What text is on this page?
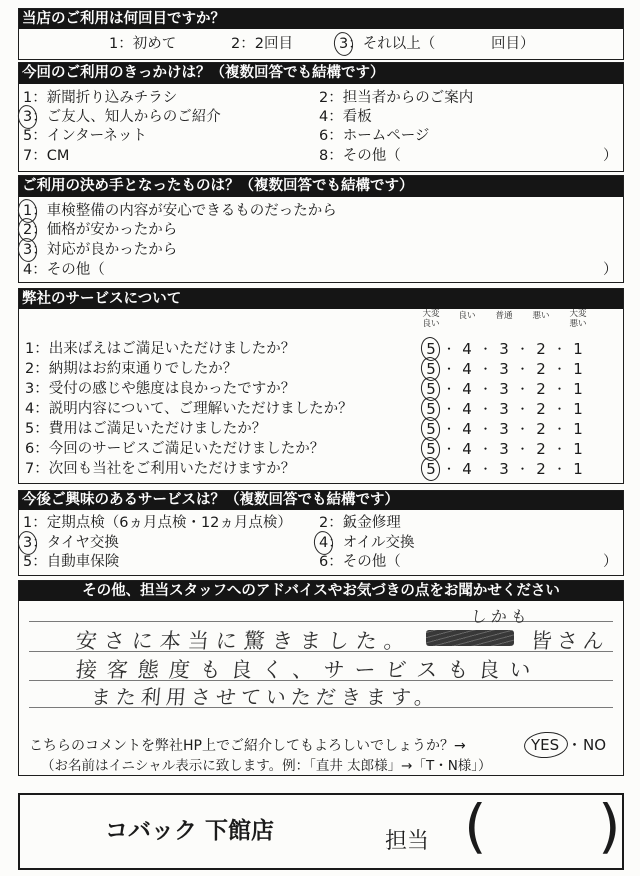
当店のご利用は何回目ですか？
1：初めて	2：2回目	3：それ以上（	回目）
今回のご利用のきっかけは？（複数回答でも結構です）
1：新聞折り込みチラシ	2：担当者からのご案内
3：ご友人、知人からのご紹介	4：看板
5：インターネット	6：ホームページ
7：CM	8：その他（	）
ご利用の決め手となったものは？（複数回答でも結構です）
1：車検整備の内容が安心できるものだったから
2：価格が安かったから
3：対応が良かったから
4：その他（	）
弊社のサービスについて
大変良い
良い 普通 悪い 大変悪い
1：出来ばえはご満足いただけましたか？	5 ・ 4 ・ 3 ・ 2 ・ 1
2：納期はお約束通りでしたか？	5 ・ 4 ・ 3 ・ 2 ・ 1
3：受付の感じや態度は良かったですか？	5 ・ 4 ・ 3 ・ 2 ・ 1
4：説明内容について、ご理解いただけましたか？	5 ・ 4 ・ 3 ・ 2 ・ 1
5：費用はご満足いただけましたか？	5 ・ 4 ・ 3 ・ 2 ・ 1
6：今回のサービスご満足いただけましたか？	5 ・ 4 ・ 3 ・ 2 ・ 1
7：次回も当社をご利用いただけますか？	5 ・ 4 ・ 3 ・ 2 ・ 1
今後ご興味のあるサービスは？（複数回答でも結構です）
1：定期点検（6ヵ月点検・12ヵ月点検） 2：鈑金修理
3：タイヤ交換	4：オイル交換
5：自動車保険	6：その他（	）
その他、担当スタッフへのアドバイスやお気づきの点をお聞かせください
しかも
安さに本当に驚きました。	皆さん
接客態度も良く、サービスも良い
また利用させていただきます。
こちらのコメントを弊社HP上でご紹介してもよろしいでしょうか？→	YES ・ NO
（お名前はイニシャル表示に致します。例：「直井 太郎様」→「T・N様」）
コバック 下館店	担当 ( )
